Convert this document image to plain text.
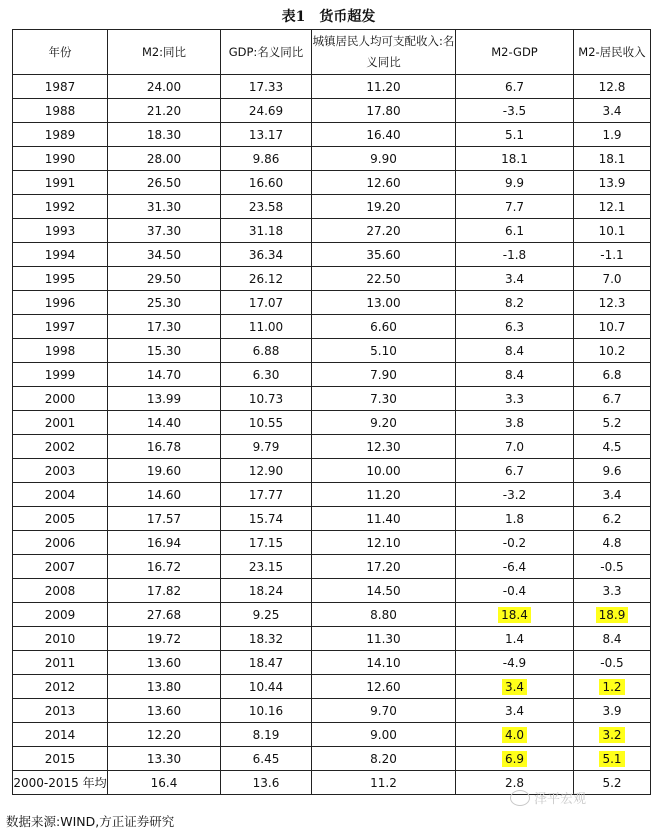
表1　货币超发
年份	M2:同比	GDP:名义同比	城镇居民人均可支配收入:名义同比	M2-GDP	M2-居民收入
1987	24.00	17.33	11.20	6.7	12.8
1988	21.20	24.69	17.80	-3.5	3.4
1989	18.30	13.17	16.40	5.1	1.9
1990	28.00	9.86	9.90	18.1	18.1
1991	26.50	16.60	12.60	9.9	13.9
1992	31.30	23.58	19.20	7.7	12.1
1993	37.30	31.18	27.20	6.1	10.1
1994	34.50	36.34	35.60	-1.8	-1.1
1995	29.50	26.12	22.50	3.4	7.0
1996	25.30	17.07	13.00	8.2	12.3
1997	17.30	11.00	6.60	6.3	10.7
1998	15.30	6.88	5.10	8.4	10.2
1999	14.70	6.30	7.90	8.4	6.8
2000	13.99	10.73	7.30	3.3	6.7
2001	14.40	10.55	9.20	3.8	5.2
2002	16.78	9.79	12.30	7.0	4.5
2003	19.60	12.90	10.00	6.7	9.6
2004	14.60	17.77	11.20	-3.2	3.4
2005	17.57	15.74	11.40	1.8	6.2
2006	16.94	17.15	12.10	-0.2	4.8
2007	16.72	23.15	17.20	-6.4	-0.5
2008	17.82	18.24	14.50	-0.4	3.3
2009	27.68	9.25	8.80	18.4	18.9
2010	19.72	18.32	11.30	1.4	8.4
2011	13.60	18.47	14.10	-4.9	-0.5
2012	13.80	10.44	12.60	3.4	1.2
2013	13.60	10.16	9.70	3.4	3.9
2014	12.20	8.19	9.00	4.0	3.2
2015	13.30	6.45	8.20	6.9	5.1
2000-2015 年均	16.4	13.6	11.2	2.8	5.2
数据来源:WIND,方正证券研究
泽平宏观
